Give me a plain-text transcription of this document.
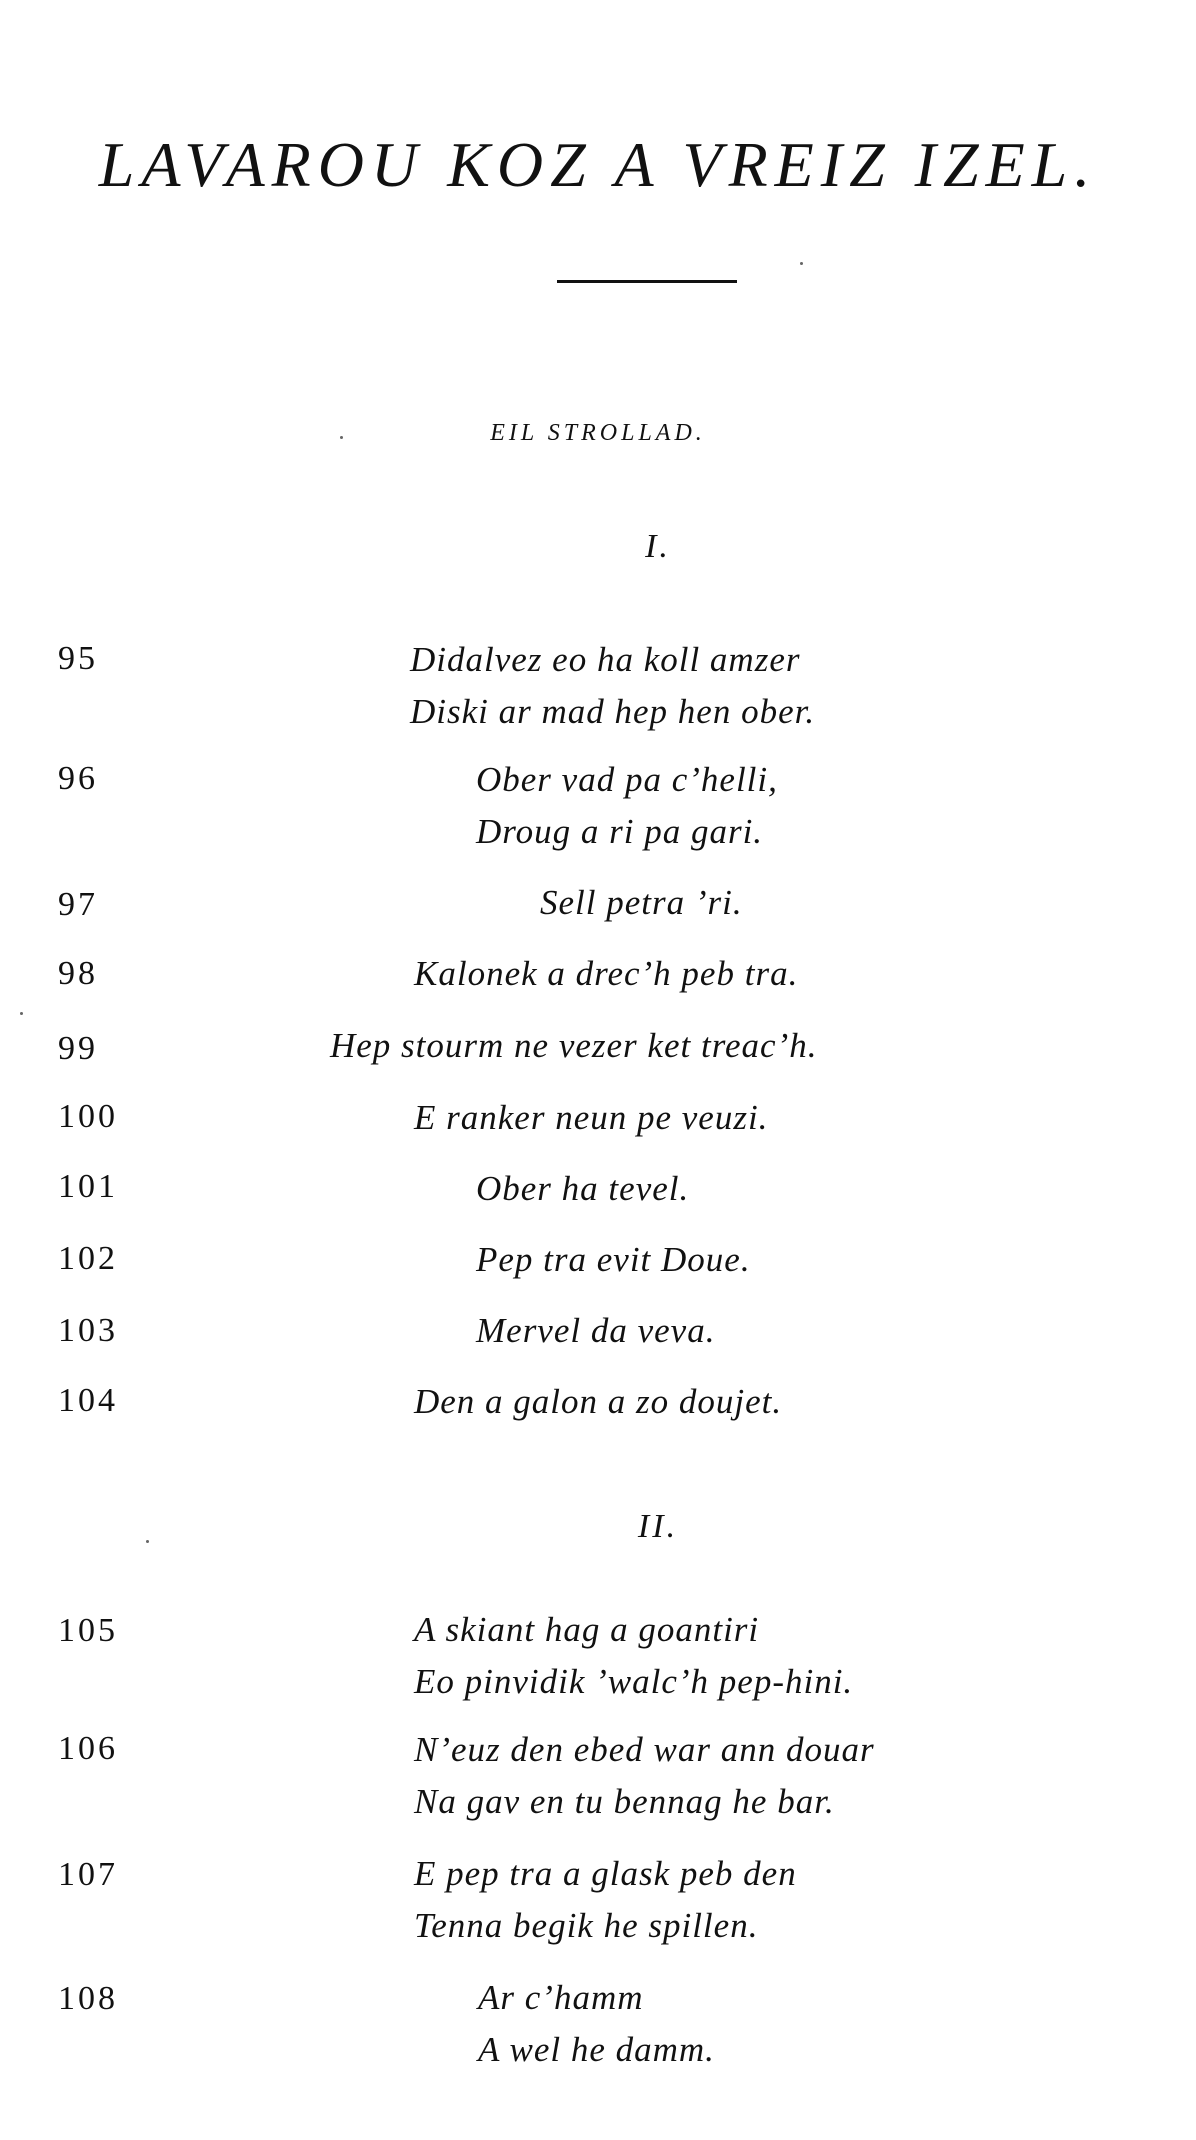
LAVAROU KOZ A VREIZ IZEL.
EIL STROLLAD.
I.
95	Didalvez eo ha koll amzer
Diski ar mad hep hen ober.
96	Ober vad pa c’helli,
Droug a ri pa gari.
97	Sell petra ’ri.
98	Kalonek a drec’h peb tra.
99	Hep stourm ne vezer ket treac’h.
100	E ranker neun pe veuzi.
101	Ober ha tevel.
102	Pep tra evit Doue.
103	Mervel da veva.
104	Den a galon a zo doujet.
II.
105	A skiant hag a goantiri
Eo pinvidik ’walc’h pep-hini.
106	N’euz den ebed war ann douar
Na gav en tu bennag he bar.
107	E pep tra a glask peb den
Tenna begik he spillen.
108	Ar c’hamm
A wel he damm.
